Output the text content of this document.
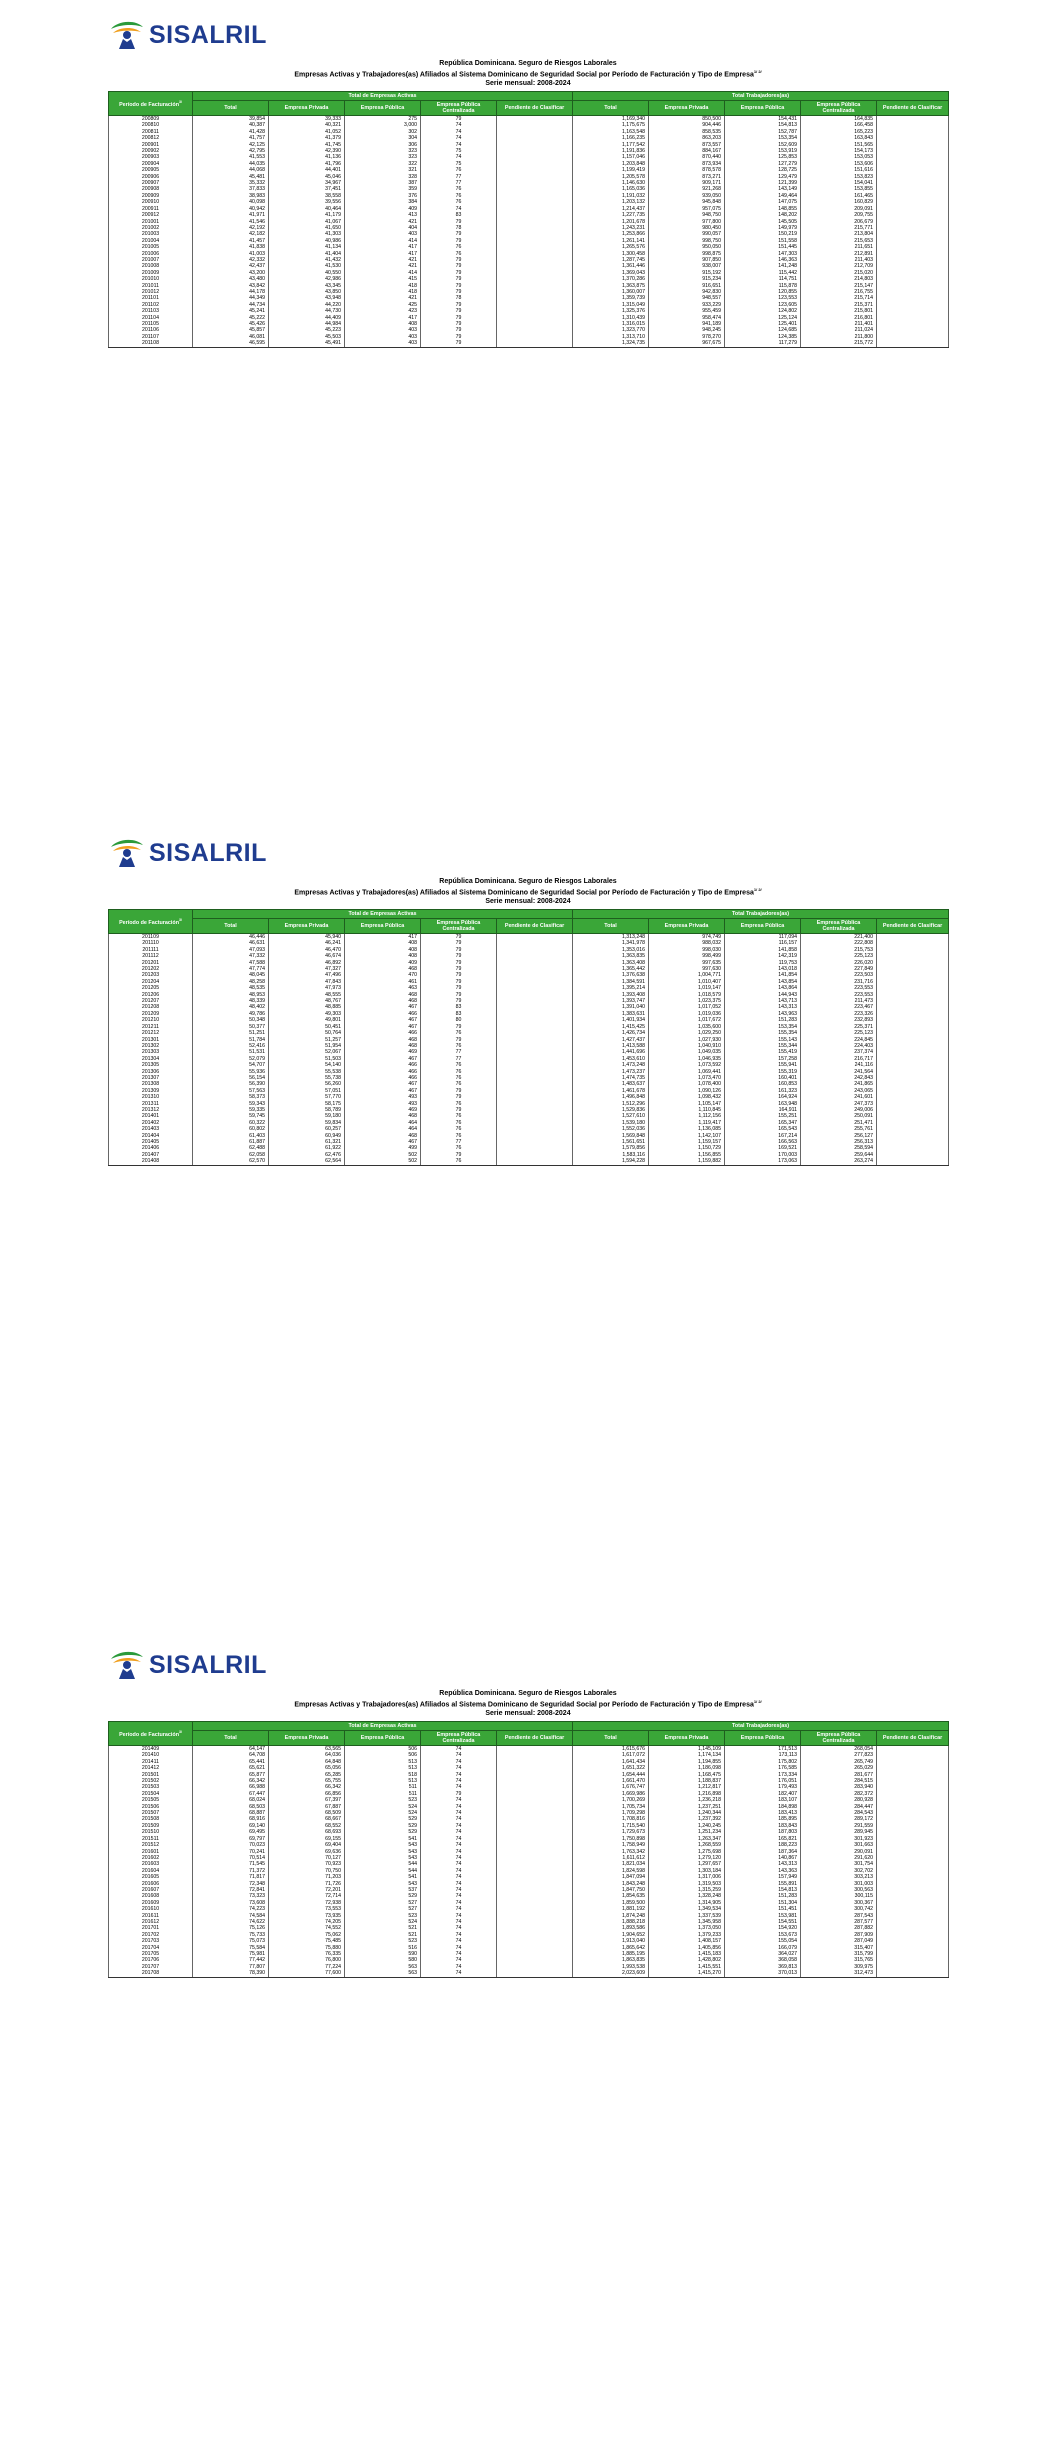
SISALRIL
República Dominicana. Seguro de Riesgos Laborales
Empresas Activas y Trabajadores(as) Afiliados al Sistema Dominicano de Seguridad Social por Período de Facturación y Tipo de Empresa$^{1/ 2/}$
Serie mensual: 2008-2024
Período de Facturación$^{3/}$	Total de Empresas Activas					Total Trabajadores(as)				
	Total	Empresa Privada	Empresa Pública	Empresa Pública Centralizada	Pendiente de Clasificar	Total	Empresa Privada	Empresa Pública	Empresa Pública Centralizada	Pendiente de Clasificar
200809	39,854	39,333	275	79		1,169,340	850,500	154,431	164,835	
200810	40,387	40,321	3,000	74		1,175,675	904,446	154,813	166,458	
200811	41,428	41,052	302	74		1,163,548	858,535	152,787	165,223	
200812	41,757	41,379	304	74		1,166,235	863,203	153,354	163,843	
200901	42,125	41,745	306	74		1,177,542	873,557	152,609	151,565	
200902	42,795	42,390	323	75		1,191,836	884,167	153,919	154,173	
200903	41,553	41,136	323	74		1,157,046	870,440	125,853	153,053	
200904	44,035	41,796	322	75		1,203,848	873,934	127,279	153,606	
200905	44,068	44,401	321	76		1,199,419	878,578	128,725	151,616	
200906	45,481	45,046	328	77		1,205,578	873,271	129,479	153,823	
200907	35,332	34,967	387	77		1,146,630	909,171	121,399	154,041	
200908	37,833	37,451	359	76		1,165,036	921,268	143,149	153,855	
200909	38,983	38,558	376	76		1,191,032	939,050	149,464	161,465	
200910	40,098	39,556	384	76		1,203,132	945,848	147,075	160,829	
200911	40,942	40,464	409	74		1,214,437	957,075	148,855	209,091	
200912	41,971	41,179	413	83		1,227,735	948,750	148,202	209,755	
201001	41,546	41,067	421	79		1,201,678	977,800	145,505	206,679	
201002	42,192	41,650	404	78		1,243,231	980,450	149,979	215,771	
201003	42,182	41,303	403	79		1,253,866	990,057	150,219	213,804	
201004	41,457	40,986	414	79		1,261,141	998,750	151,558	215,653	
201005	41,838	41,134	417	76		1,265,576	950,050	151,445	211,651	
201006	41,003	41,404	417	76		1,300,458	998,875	147,303	212,891	
201007	42,332	41,432	421	79		1,287,745	907,850	146,363	211,403	
201008	42,437	41,530	421	79		1,361,446	938,007	141,248	212,709	
201009	43,200	40,550	414	79		1,369,043	915,192	115,442	215,020	
201010	43,480	42,986	415	79		1,370,286	915,234	114,751	214,803	
201011	43,842	43,345	418	79		1,363,875	916,651	115,878	215,147	
201012	44,178	43,850	418	79		1,360,007	942,830	120,855	216,755	
201101	44,349	43,948	421	78		1,359,739	948,557	123,553	215,714	
201102	44,734	44,220	425	79		1,315,049	933,229	123,605	215,371	
201103	45,241	44,730	423	79		1,325,376	955,459	124,802	215,801	
201104	45,222	44,409	417	79		1,310,439	958,474	125,124	216,801	
201105	45,426	44,984	408	79		1,316,015	941,189	125,401	211,401	
201106	45,857	45,223	403	79		1,323,770	948,245	124,685	211,024	
201107	46,081	45,503	403	79		1,313,710	978,270	124,385	211,800	
201108	46,595	45,491	403	79		1,324,735	967,675	117,279	215,772	
SISALRIL
República Dominicana. Seguro de Riesgos Laborales
Empresas Activas y Trabajadores(as) Afiliados al Sistema Dominicano de Seguridad Social por Período de Facturación y Tipo de Empresa$^{1/ 2/}$
Serie mensual: 2008-2024
Período de Facturación$^{3/}$	Total de Empresas Activas					Total Trabajadores(as)				
	Total	Empresa Privada	Empresa Pública	Empresa Pública Centralizada	Pendiente de Clasificar	Total	Empresa Privada	Empresa Pública	Empresa Pública Centralizada	Pendiente de Clasificar
201109	46,446	45,940	417	79		1,313,248	974,749	117,094	221,400	
201110	46,631	46,241	408	79		1,341,978	988,032	116,157	222,808	
201111	47,093	46,470	408	79		1,353,016	998,030	141,858	215,753	
201112	47,332	46,674	408	79		1,363,835	998,499	142,319	225,123	
201201	47,588	46,892	409	79		1,363,408	997,635	119,753	226,020	
201202	47,774	47,327	468	79		1,365,442	997,630	143,018	227,849	
201203	48,045	47,496	470	79		1,376,638	1,004,771	141,854	223,503	
201204	48,258	47,843	461	79		1,384,591	1,010,407	143,854	231,716	
201205	48,535	47,973	463	79		1,395,214	1,019,147	143,864	223,553	
201206	48,953	48,555	468	79		1,393,408	1,018,579	144,943	223,553	
201207	48,339	48,767	468	79		1,393,747	1,023,375	143,713	211,473	
201208	48,402	48,885	467	83		1,391,040	1,017,052	143,313	223,467	
201209	49,786	49,303	466	83		1,383,631	1,019,036	143,963	223,326	
201210	50,348	49,801	467	80		1,401,934	1,017,672	151,283	232,893	
201211	50,377	50,451	467	79		1,415,425	1,035,600	153,354	225,371	
201212	51,251	50,764	466	76		1,426,734	1,029,250	155,354	225,123	
201301	51,784	51,257	468	79		1,427,437	1,027,930	155,143	224,845	
201302	52,416	51,954	468	76		1,413,588	1,040,910	155,344	224,403	
201303	51,531	52,067	469	77		1,441,696	1,049,035	155,419	237,374	
201304	52,079	51,503	467	77		1,453,610	1,046,935	157,258	216,717	
201305	54,707	54,140	466	76		1,473,248	1,073,592	155,941	241,116	
201306	55,936	55,538	466	76		1,473,237	1,069,441	155,319	241,564	
201307	56,154	55,738	466	76		1,474,735	1,073,470	160,401	242,843	
201308	56,390	56,260	467	76		1,483,637	1,078,400	160,853	241,865	
201309	57,563	57,051	467	79		1,461,678	1,090,126	161,323	243,065	
201310	58,373	57,770	493	79		1,496,848	1,098,432	164,924	241,601	
201311	59,343	58,175	493	76		1,512,296	1,105,147	163,948	247,373	
201312	59,335	58,789	469	79		1,529,836	1,110,845	164,911	249,006	
201401	59,745	59,180	468	76		1,527,610	1,112,156	155,251	250,091	
201402	60,322	59,834	464	76		1,539,180	1,119,417	165,347	251,471	
201403	60,802	60,257	464	76		1,552,036	1,136,085	165,543	255,761	
201404	61,403	60,949	468	76		1,569,848	1,142,107	167,214	256,127	
201405	61,887	61,321	467	77		1,561,651	1,159,157	166,563	256,313	
201406	62,488	61,922	499	76		1,579,856	1,150,729	169,521	258,594	
201407	62,058	62,476	502	79		1,583,116	1,156,855	170,003	259,644	
201408	62,570	62,564	502	76		1,594,228	1,159,882	173,063	263,274	
SISALRIL
República Dominicana. Seguro de Riesgos Laborales
Empresas Activas y Trabajadores(as) Afiliados al Sistema Dominicano de Seguridad Social por Período de Facturación y Tipo de Empresa$^{1/ 2/}$
Serie mensual: 2008-2024
Período de Facturación$^{3/}$	Total de Empresas Activas					Total Trabajadores(as)				
	Total	Empresa Privada	Empresa Pública	Empresa Pública Centralizada	Pendiente de Clasificar	Total	Empresa Privada	Empresa Pública	Empresa Pública Centralizada	Pendiente de Clasificar
201409	64,147	63,565	506	74		1,615,676	1,145,109	171,513	268,054	
201410	64,708	64,036	506	74		1,617,072	1,174,134	173,113	277,823	
201411	65,441	64,848	513	74		1,641,434	1,194,855	175,802	265,749	
201412	65,621	65,056	513	74		1,651,322	1,186,098	176,585	265,029	
201501	65,877	65,285	518	74		1,654,444	1,168,475	173,334	281,677	
201502	66,342	65,755	513	74		1,661,470	1,188,837	176,051	284,515	
201503	66,988	66,342	511	74		1,676,747	1,212,817	179,493	283,940	
201504	67,447	66,856	511	79		1,669,986	1,216,898	182,407	282,372	
201505	68,024	67,397	523	74		1,700,269	1,236,218	183,107	280,928	
201506	68,503	67,887	524	74		1,705,734	1,237,251	184,898	284,447	
201507	68,887	68,509	524	74		1,709,298	1,240,344	183,413	284,543	
201508	68,916	68,667	529	74		1,708,816	1,237,392	185,895	289,172	
201509	69,140	68,552	529	74		1,715,540	1,240,245	183,843	291,559	
201510	69,495	68,693	529	74		1,729,673	1,251,234	187,803	289,945	
201511	69,797	69,155	541	74		1,750,898	1,263,347	165,821	301,923	
201512	70,023	69,404	543	74		1,758,949	1,268,559	188,223	301,663	
201601	70,241	69,636	543	74		1,763,342	1,275,698	187,364	290,091	
201602	70,514	70,127	543	74		1,611,612	1,279,120	140,867	291,620	
201603	71,545	70,923	544	74		1,821,034	1,297,657	143,313	301,754	
201604	71,372	70,750	544	74		1,824,598	1,303,184	143,363	302,702	
201605	71,817	71,203	541	74		1,847,094	1,317,006	157,949	303,213	
201606	72,348	71,726	543	74		1,843,248	1,319,503	155,891	301,003	
201607	72,841	72,201	537	74		1,847,750	1,315,259	154,813	300,563	
201608	73,323	72,714	529	74		1,854,635	1,328,248	151,283	300,115	
201609	73,608	72,938	527	74		1,859,500	1,314,905	151,304	300,367	
201610	74,223	73,553	527	74		1,881,192	1,349,534	151,451	300,742	
201611	74,584	73,935	523	74		1,874,248	1,337,539	153,981	287,543	
201612	74,622	74,205	524	74		1,888,218	1,345,958	154,551	287,577	
201701	75,126	74,552	521	74		1,893,586	1,373,050	154,920	287,882	
201702	75,733	75,062	521	74		1,904,652	1,379,233	153,673	287,909	
201703	75,073	75,485	523	74		1,913,040	1,408,157	155,054	287,049	
201704	75,584	75,880	516	74		1,865,642	1,405,856	166,079	315,407	
201705	75,981	76,335	590	74		1,885,195	1,415,183	364,027	315,799	
201706	77,442	76,800	580	74		1,863,835	1,428,802	368,058	315,765	
201707	77,807	77,224	563	74		1,993,538	1,415,551	369,813	309,975	
201708	78,390	77,600	563	74		2,023,609	1,415,270	370,013	312,473	
